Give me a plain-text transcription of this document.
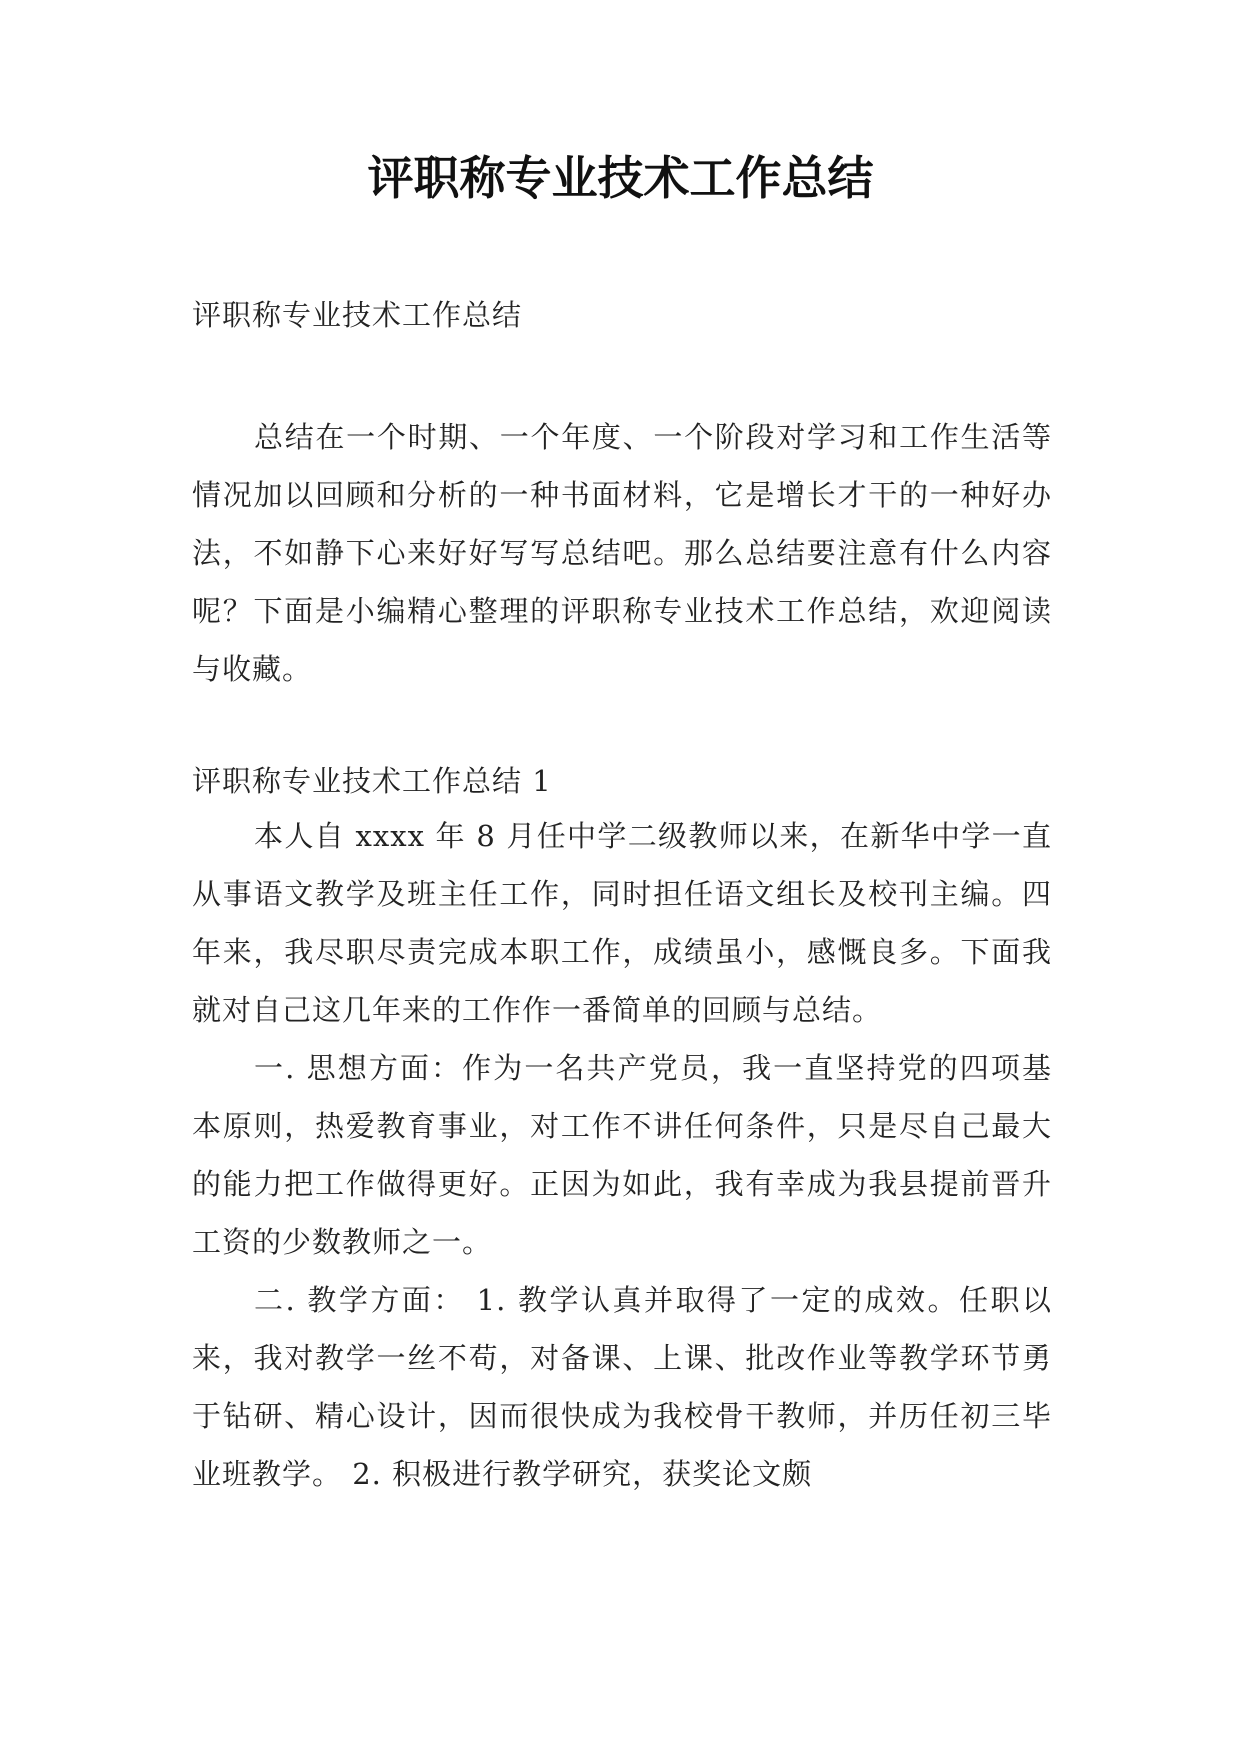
评职称专业技术工作总结

评职称专业技术工作总结

总结在一个时期、一个年度、一个阶段对学习和工作生活等情况加以回顾和分析的一种书面材料，它是增长才干的一种好办法，不如静下心来好好写写总结吧。那么总结要注意有什么内容呢？下面是小编精心整理的评职称专业技术工作总结，欢迎阅读与收藏。

评职称专业技术工作总结 1

本人自 xxxx 年 8 月任中学二级教师以来，在新华中学一直从事语文教学及班主任工作，同时担任语文组长及校刊主编。四年来，我尽职尽责完成本职工作，成绩虽小，感慨良多。下面我就对自己这几年来的工作作一番简单的回顾与总结。

一. 思想方面：作为一名共产党员，我一直坚持党的四项基本原则，热爱教育事业，对工作不讲任何条件，只是尽自己最大的能力把工作做得更好。正因为如此，我有幸成为我县提前晋升工资的少数教师之一。

二. 教学方面： 1. 教学认真并取得了一定的成效。任职以来，我对教学一丝不苟，对备课、上课、批改作业等教学环节勇于钻研、精心设计，因而很快成为我校骨干教师，并历任初三毕业班教学。 2. 积极进行教学研究，获奖论文颇
